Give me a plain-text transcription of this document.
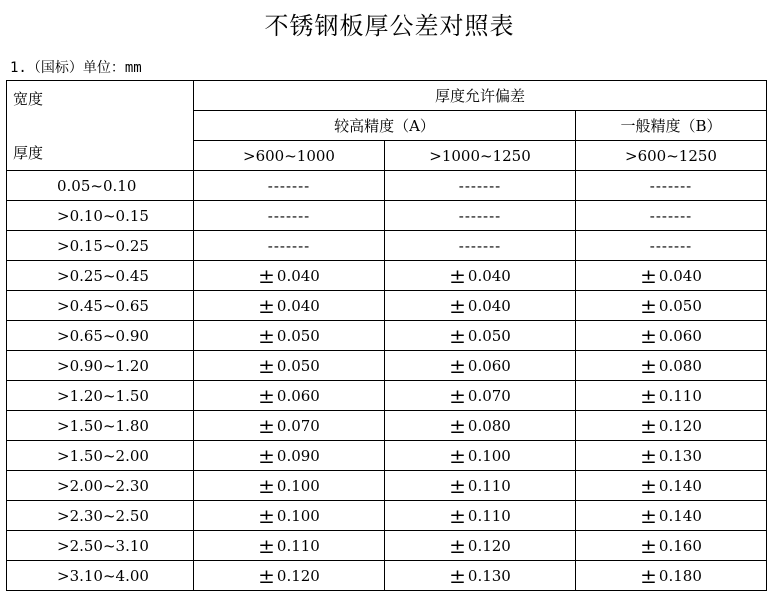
不锈钢板厚公差对照表
1.（国标）单位：mm
宽度
厚度	厚度允许偏差		
	较高精度（A）		一般精度（B）
	>600~1000	>1000~1250	>600~1250
0.05~0.10	-------	-------	-------
>0.10~0.15	-------	-------	-------
>0.15~0.25	-------	-------	-------
>0.25~0.45	± 0.040	± 0.040	± 0.040
>0.45~0.65	± 0.040	± 0.040	± 0.050
>0.65~0.90	± 0.050	± 0.050	± 0.060
>0.90~1.20	± 0.050	± 0.060	± 0.080
>1.20~1.50	± 0.060	± 0.070	± 0.110
>1.50~1.80	± 0.070	± 0.080	± 0.120
>1.50~2.00	± 0.090	± 0.100	± 0.130
>2.00~2.30	± 0.100	± 0.110	± 0.140
>2.30~2.50	± 0.100	± 0.110	± 0.140
>2.50~3.10	± 0.110	± 0.120	± 0.160
>3.10~4.00	± 0.120	± 0.130	± 0.180
